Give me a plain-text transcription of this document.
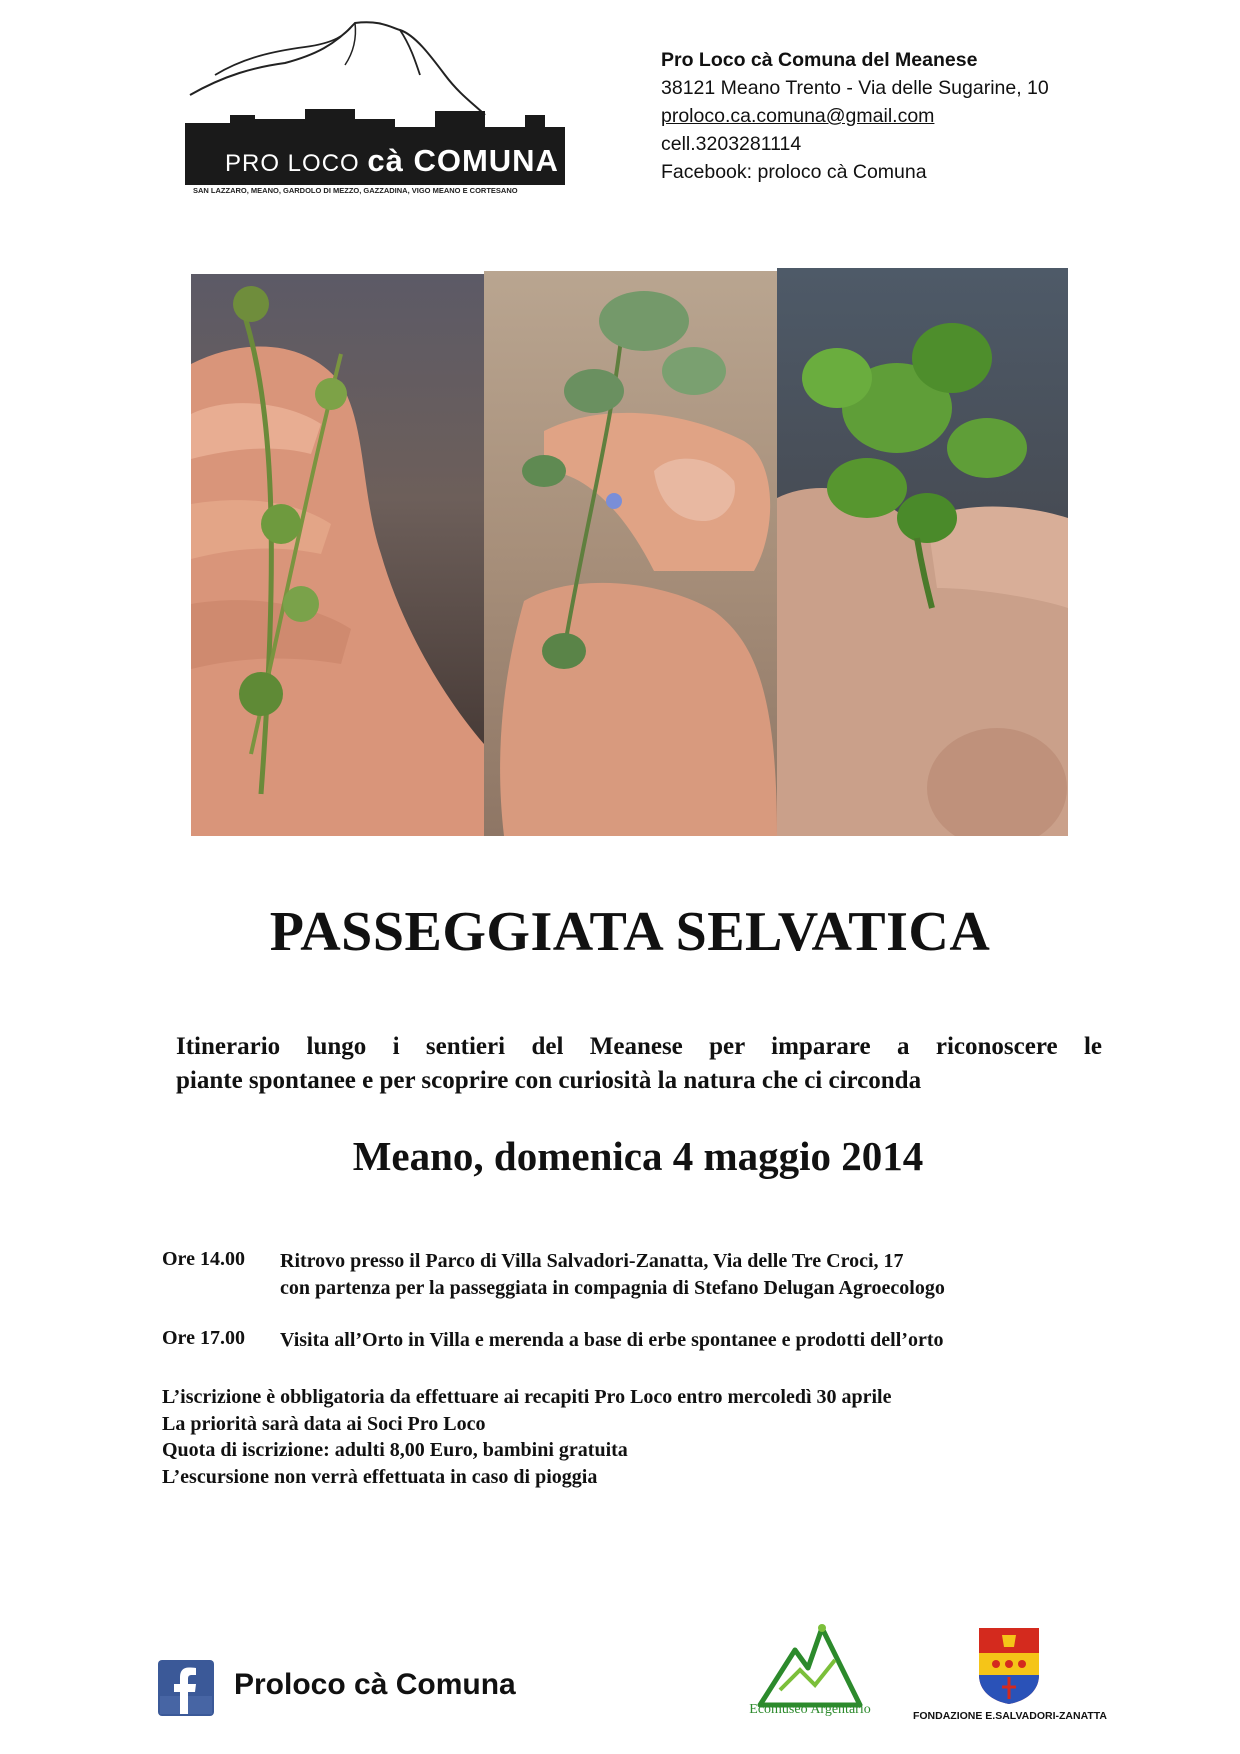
PRO LOCO cà COMUNA
SAN LAZZARO, MEANO, GARDOLO DI MEZZO, GAZZADINA, VIGO MEANO E CORTESANO
Pro Loco cà Comuna del Meanese
38121 Meano Trento - Via delle Sugarine, 10
proloco.ca.comuna@gmail.com
cell.3203281114
Facebook: proloco cà Comuna
PASSEGGIATA SELVATICA
Itinerario lungo i sentieri del Meanese per imparare a riconoscere le
piante spontanee e per scoprire con curiosità la natura che ci circonda
Meano, domenica 4 maggio 2014
Ore 14.00 Ritrovo presso il Parco di Villa Salvadori-Zanatta, Via delle Tre Croci, 17
con partenza per la passeggiata in compagnia di Stefano Delugan Agroecologo
Ore 17.00 Visita all’Orto in Villa e merenda a base di erbe spontanee e prodotti dell’orto
L’iscrizione è obbligatoria da effettuare ai recapiti Pro Loco entro mercoledì 30 aprile
La priorità sarà data ai Soci Pro Loco
Quota di iscrizione: adulti 8,00 Euro, bambini gratuita
L’escursione non verrà effettuata in caso di pioggia
Proloco cà Comuna
Ecomuseo Argentario	FONDAZIONE E.SALVADORI-ZANATTA
